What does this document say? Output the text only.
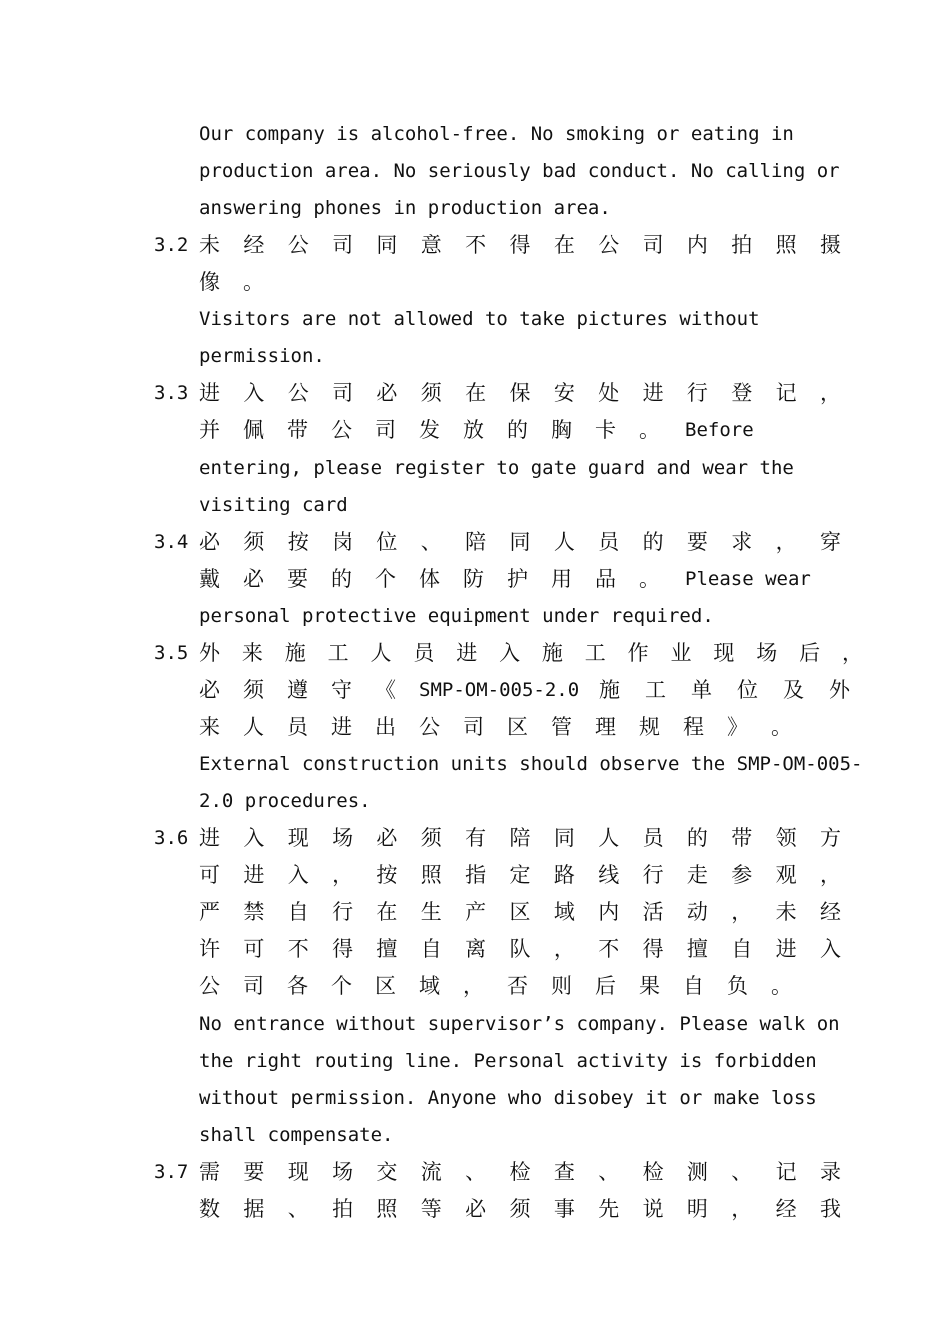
Our company is alcohol-free. No smoking or eating in
production area. No seriously bad conduct. No calling or
answering phones in production area.
3.2 未 经 公 司 同 意 不 得 在 公 司 内 拍 照 摄
像 。
Visitors are not allowed to take pictures without
permission.
3.3 进 入 公 司 必 须 在 保 安 处 进 行 登 记 ，
并 佩 带 公 司 发 放 的 胸 卡 。 Before
entering, please register to gate guard and wear the
visiting card
3.4 必 须 按 岗 位 、 陪 同 人 员 的 要 求 ， 穿
戴 必 要 的 个 体 防 护 用 品 。 Please wear
personal protective equipment under required.
3.5 外 来 施 工 人 员 进 入 施 工 作 业 现 场 后 ，
必 须 遵 守 《 SMP-OM-005-2.0 施 工 单 位 及 外
来 人 员 进 出 公 司 区 管 理 规 程 》 。
External construction units should observe the SMP-OM-005-
2.0 procedures.
3.6 进 入 现 场 必 须 有 陪 同 人 员 的 带 领 方
可 进 入 ， 按 照 指 定 路 线 行 走 参 观 ，
严 禁 自 行 在 生 产 区 域 内 活 动 ， 未 经
许 可 不 得 擅 自 离 队 ， 不 得 擅 自 进 入
公 司 各 个 区 域 ， 否 则 后 果 自 负 。
No entrance without supervisor’s company. Please walk on
the right routing line. Personal activity is forbidden
without permission. Anyone who disobey it or make loss
shall compensate.
3.7 需 要 现 场 交 流 、 检 查 、 检 测 、 记 录
数 据 、 拍 照 等 必 须 事 先 说 明 ， 经 我
